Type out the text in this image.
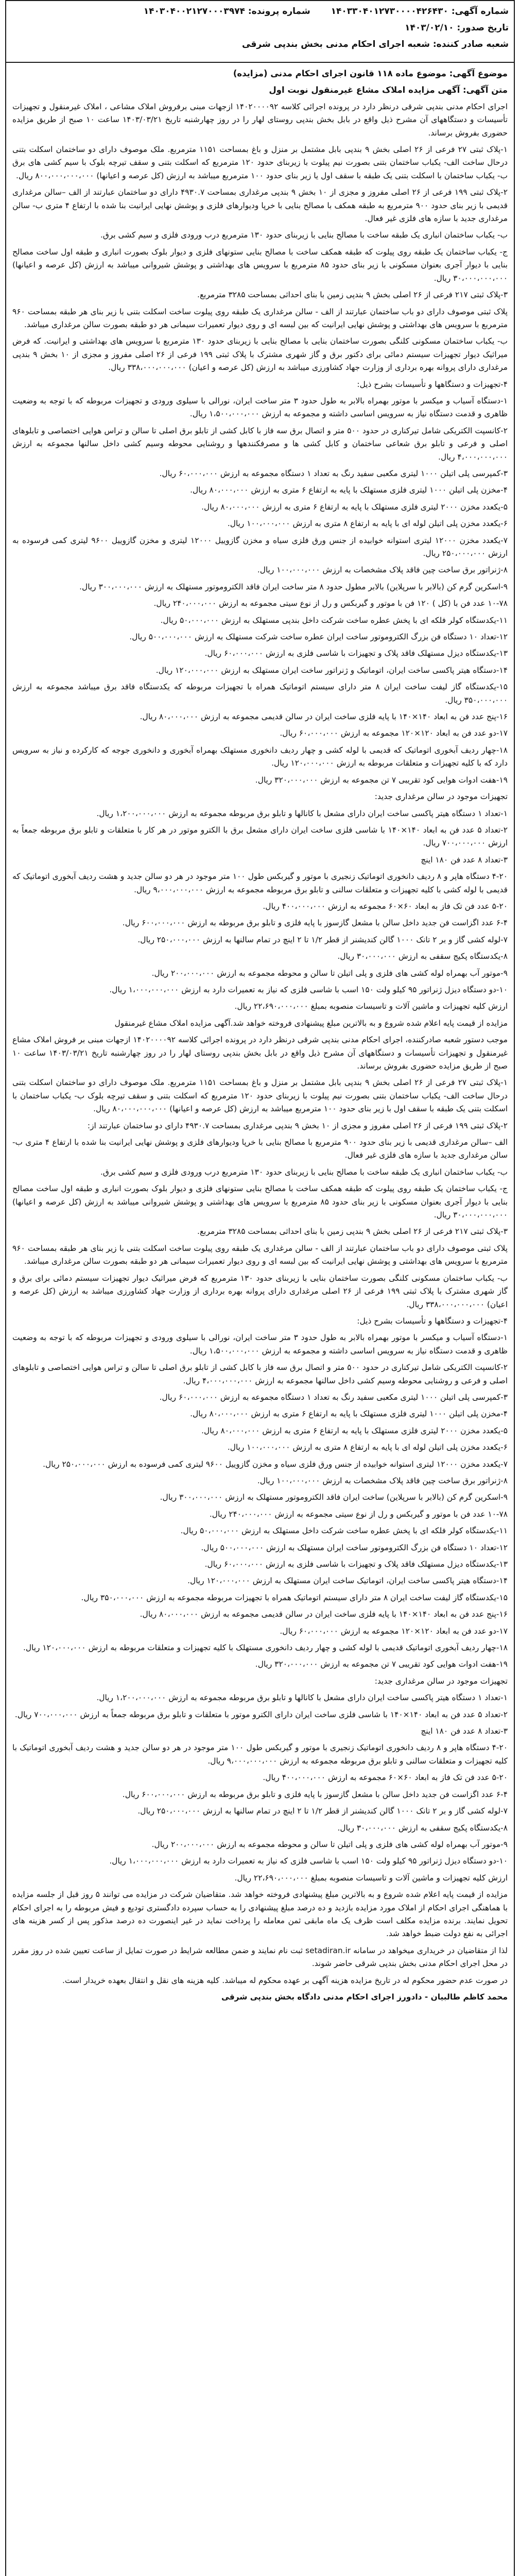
شماره آگهی: ۱۴۰۳۳۰۴۰۱۲۷۳۰۰۰۰۴۲۶۴۳۰ شماره پرونده: ۱۴۰۳۰۴۰۰۲۱۲۷۰۰۰۳۹۷۴
تاریخ صدور: ۱۴۰۳/۰۲/۱۰
شعبه صادر کننده: شعبه اجرای احکام مدنی بخش بندپی شرقی

موضوع آگهی: موضوع ماده ۱۱۸ قانون اجرای احکام مدنی (مزایده)

متن آگهی: آگهی مزایده املاک مشاع غیرمنقول نوبت اول

اجرای احکام مدنی بندپی شرقی درنظر دارد در پرونده اجرائی کلاسه ۱۴۰۲۰۰۰۰۹۲ ازجهات مبنی برفروش املاک مشاعی ، املاک غیرمنقول و تجهیزات تأسیسات و دستگاههای آن مشرح ذیل واقع در بابل بخش بندپی روستای لهار را در روز چهارشنبه تاریخ ۱۴۰۳/۰۳/۲۱ ساعت ۱۰ صبح از طریق مزایده حضوری بفروش برساند.

۱-پلاک ثبتی ۲۷ فرعی از ۲۶ اصلی بخش ۹ بندپی بابل مشتمل بر منزل و باغ بمساحت ۱۱۵۱ مترمربع. ملک موصوف دارای دو ساختمان اسکلت بتنی درحال ساخت الف- یکباب ساختمان بتنی بصورت نیم پیلوت با زیربنای حدود ۱۲۰ مترمربع که اسکلت بتنی و سقف تیرچه بلوک با سیم کشی های برق ب- یکباب ساختمان با اسکلت بتنی یک طبقه با سقف اول یا زیر بنای حدود ۱۰۰ مترمربع میباشد به ارزش (کل عرصه و اعیانها) ۸۰۰،۰۰۰،۰۰۰،۰۰۰ ریال.

۲-پلاک ثبتی ۱۹۹ فرعی از ۲۶ اصلی مفروز و مجزی از ۱۰ بخش ۹ بندپی مرغداری بمساحت ۴۹۳۰.۷ دارای دو ساختمان عبارتند از الف –سالن مرغداری قدیمی با زیر بنای حدود ۹۰۰ مترمربع به طبقه همکف با مصالح بنایی با خرپا ودیوارهای فلزی و پوشش نهایی ایرانیت بنا شده با ارتفاع ۴ متری ب- سالن مرغداری جدید با سازه های فلزی غیر فعال.

ب- یکباب ساختمان انباری یک طبقه ساخت با مصالح بنایی با زیربنای حدود ۱۳۰ مترمربع درب ورودی فلزی و سیم کشی برق.

ج- یکباب ساختمان یک طبقه روی پیلوت که طبقه همکف ساخت با مصالح بنایی ستونهای فلزی و دیوار بلوک بصورت انباری و طبقه اول ساخت مصالح بنایی با دیوار آجری بعنوان مسکونی با زیر بنای حدود ۸۵ مترمربع با سرویس های بهداشتی و پوشش شیروانی میباشد به ارزش (کل عرصه و اعیانها) ۳۰،۰۰۰،۰۰۰،۰۰۰ ریال.

۳-پلاک ثبتی ۲۱۷ فرعی از ۲۶ اصلی بخش ۹ بندپی زمین با بنای احداثی بمساحت ۳۲۸۵ مترمربع.

پلاک ثبتی موصوف دارای دو باب ساختمان عبارتند از الف - سالن مرغداری یک طبقه روی پیلوت ساخت اسکلت بتنی با زیر بنای هر طبقه بمساحت ۹۶۰ مترمربع با سرویس های بهداشتی و پوشش نهایی ایرانیت که بین لبسه ای و روی دیوار تعمیرات سیمانی هر دو طبقه بصورت سالن مرغداری میباشد.

ب- یکباب ساختمان مسکونی کلنگی بصورت ساختمان بنایی با مصالح بنایی با زیربنای حدود ۱۳۰ مترمربع با سرویس های بهداشتی و ایرانیت. که فرض میراثیک دیوار تجهیزات سیستم دمائی برای دکتور برق و گاز شهری مشترک با پلاک ثبتی ۱۹۹ فرعی از ۲۶ اصلی مفروز و مجزی از ۱۰ بخش ۹ بندپی مرغداری دارای پروانه بهره برداری از وزارت جهاد کشاورزی میباشد به ارزش (کل عرصه و اعیان) ۳۳۸،۰۰۰،۰۰۰،۰۰۰ ریال.

۴-تجهیزات و دستگاهها و تأسیسات بشرح ذیل:

۱-دستگاه آسیاب و میکسر با موتور بهمراه بالابر به طول حدود ۳ متر ساخت ایران، نورالی با سیلوی ورودی و تجهیزات مربوطه که با توجه به وضعیت ظاهری و قدمت دستگاه نیاز به سرویس اساسی داشته و مجموعه به ارزش ۱،۵۰۰،۰۰۰،۰۰۰ ریال.

۲-کانسپت الکتریکی شامل تیرکناری در حدود ۵۰۰ متر و اتصال برق سه فاز با کابل کشی از تابلو برق اصلی تا سالن و تراس هوایی اختصاصی و تابلوهای اصلی و فرعی و تابلو برق شعاعی ساختمان و کابل کشی ها و مصرفکنندهها و روشنایی محوطه وسیم کشی داخل سالنها مجموعه به ارزش ۴،۰۰۰،۰۰۰،۰۰۰ ریال.

۳-کمپرسی پلی اتیلن ۱۰۰۰ لیتری مکعبی سفید رنگ به تعداد ۱ دستگاه مجموعه به ارزش ۶۰،۰۰۰،۰۰۰ ریال.

۴-مخزن پلی اتیلن ۱۰۰۰ لیتری فلزی مستهلک با پایه به ارتفاع ۶ متری به ارزش ۸۰،۰۰۰،۰۰۰ ریال.

۵-یکعدد مخزن ۲۰۰۰ لیتری فلزی مستهلک با پایه به ارتفاع ۶ متری به ارزش ۸۰،۰۰۰،۰۰۰ ریال.

۶-یکعدد مخزن پلی اتیلن لوله ای با پایه به ارتفاع ۸ متری به ارزش ۱۰۰،۰۰۰،۰۰۰ ریال.

۷-یکعدد مخزن ۱۲۰۰۰ لیتری استوانه خوابیده از جنس ورق فلزی سیاه و مخزن گازوییل ۱۲۰۰۰ لیتری و مخزن گازوییل ۹۶۰۰ لیتری کمی فرسوده به ارزش ۲۵۰،۰۰۰،۰۰۰ ریال.

۸-ژنراتور برق ساخت چین فاقد پلاک مشخصات به ارزش ۱۰۰،۰۰۰،۰۰۰ ریال.

۹-اسکرین گرم کن (بالابر با سرپلاین) بالابر مطول حدود ۸ متر ساخت ایران فاقد الکتروموتور مستهلک به ارزش ۳۰۰،۰۰۰،۰۰۰ ریال.

۱۰-۷۸ عدد فن با (کل ) ۱۲۰ فن با موتور و گیربکس و رل از نوع سیتی مجموعه به ارزش ۲۴۰،۰۰۰،۰۰۰ ریال.

۱۱-یکدستگاه کولر فلکه ای با پخش عطره ساخت شرکت داخل بندپی مستهلک به ارزش ۵۰،۰۰۰،۰۰۰ ریال.

۱۲-تعداد ۱۰ دستگاه فن بزرگ الکتروموتور ساخت ایران عطره ساخت شرکت مستهلک به ارزش ۵۰۰،۰۰۰،۰۰۰ ریال.

۱۳-یکدستگاه دیزل مستهلک فاقد پلاک و تجهیزات با شاسی فلزی به ارزش ۶۰،۰۰۰،۰۰۰ ریال.

۱۴-دستگاه هیتر پاکسی ساخت ایران، اتوماتیک و ژنراتور ساخت ایران مستهلک به ارزش ۱۲۰،۰۰۰،۰۰۰ ریال.

۱۵-یکدستگاه گاز لیفت ساخت ایران ۸ متر دارای سیستم اتوماتیک همراه با تجهیزات مربوطه که یکدستگاه فاقد برق میباشد مجموعه به ارزش ۳۵۰،۰۰۰،۰۰۰ ریال.

۱۶-پنج عدد فن به ابعاد ۱۴۰×۱۴۰ با پایه فلزی ساخت ایران در سالن قدیمی مجموعه به ارزش ۸۰،۰۰۰،۰۰۰ ریال.

۱۷-دو عدد فن به ابعاد ۱۲۰×۱۲۰ مجموعه به ارزش ۶۰،۰۰۰،۰۰۰ ریال.

۱۸-چهار ردیف آبخوری اتوماتیک که قدیمی با لوله کشی و چهار ردیف دانخوری مستهلک بهمراه آبخوری و دانخوری جوجه که کارکرده و نیاز به سرویس دارد که با کلیه تجهیزات و متعلقات مربوطه به ارزش ۱۲۰،۰۰۰،۰۰۰ ریال.

۱۹-هفت ادوات هوایی کود تقریبی ۷ تن مجموعه به ارزش ۳۲۰،۰۰۰،۰۰۰ ریال.

تجهیزات موجود در سالن مرغداری جدید:

۱-تعداد ۱ دستگاه هیتر پاکسی ساخت ایران دارای مشعل با کانالها و تابلو برق مربوطه مجموعه به ارزش ۱،۲۰۰،۰۰۰،۰۰۰ ریال.

۲-تعداد ۵ عدد فن به ابعاد ۱۴۰×۱۴۰ با شاسی فلزی ساخت ایران دارای مشعل برق با الکترو موتور در هر کار با متعلقات و تابلو برق مربوطه جمعاً به ارزش ۷۰۰،۰۰۰،۰۰۰ ریال.

۳-تعداد ۸ عدد فن ۱۸۰ اینچ

۴-۲۰ دستگاه هاپر و ۸ ردیف دانخوری اتوماتیک زنجیری با موتور و گیربکس طول ۱۰۰ متر موجود در هر دو سالن جدید و هشت ردیف آبخوری اتوماتیک که قدیمی با لوله کشی با کلیه تجهیزات و متعلقات سالنی و تابلو برق مربوطه مجموعه به ارزش ۹،۰۰۰،۰۰۰،۰۰۰ ریال.

۵-۲۰ عدد فن تک فاز به ابعاد ۶۰×۶۰ مجموعه به ارزش ۴۰۰،۰۰۰،۰۰۰ ریال.

۶-۴ عدد اگزاست فن جدید داخل سالن با مشعل گازسوز با پایه فلزی و تابلو برق مربوطه به ارزش ۶۰۰،۰۰۰،۰۰۰ ریال.

۷-لوله کشی گاز و بر ۲ تانک ۱۰۰۰ گالن کندیشنر از قطر ۱/۲ تا ۲ اینچ در تمام سالنها به ارزش ۲۵۰،۰۰۰،۰۰۰ ریال.

۸-یکدستگاه پکیج سقفی به ارزش ۳۰،۰۰۰،۰۰۰ ریال.

۹-موتور آب بهمراه لوله کشی های فلزی و پلی اتیلن تا سالن و محوطه مجموعه به ارزش ۲۰۰،۰۰۰،۰۰۰ ریال.

۱۰-دو دستگاه دیزل ژنراتور ۹۵ کیلو ولت ۱۵۰ اسب با شاسی فلزی که نیاز به تعمیرات دارد به ارزش ۱،۰۰۰،۰۰۰،۰۰۰ ریال.

ارزش کلیه تجهیزات و ماشین آلات و تاسیسات منصوبه بمبلغ ۲۲،۶۹۰،۰۰۰،۰۰۰ ریال.

مزایده از قیمت پایه اعلام شده شروع و به بالاترین مبلغ پیشنهادی فروخته خواهد شد.آگهی مزایده املاک مشاع غیرمنقول

موجب دستور شعبه صادرکننده، اجرای احکام مدنی بندپی شرقی درنظر دارد در پرونده اجرائی کلاسه ۱۴۰۲۰۰۰۰۹۲ ازجهات مبنی بر فروش املاک مشاع غیرمنقول و تجهیزات تأسیسات و دستگاههای آن مشرح ذیل واقع در بابل بخش بندپی روستای لهار را در روز چهارشنبه تاریخ ۱۴۰۳/۰۳/۲۱ ساعت ۱۰ صبح از طریق مزایده حضوری بفروش برساند.

۱-پلاک ثبتی ۲۷ فرعی از ۲۶ اصلی بخش ۹ بندپی بابل مشتمل بر منزل و باغ بمساحت ۱۱۵۱ مترمربع. ملک موصوف دارای دو ساختمان اسکلت بتنی درحال ساخت الف- یکباب ساختمان بتنی بصورت نیم پیلوت با زیربنای حدود ۱۲۰ مترمربع که اسکلت بتنی و سقف تیرچه بلوک ب- یکباب ساختمان با اسکلت بتنی یک طبقه با سقف اول با زیر بنای حدود ۱۰۰ مترمربع میباشد به ارزش (کل عرصه و اعیانها) ۸۰،۰۰۰،۰۰۰،۰۰۰ ریال.

۲-پلاک ثبتی ۱۹۹ فرعی از ۲۶ اصلی مفروز و مجزی از ۱۰ بخش ۹ بندپی مرغداری بمساحت ۴۹۳۰.۷ دارای دو ساختمان عبارتند از:

الف –سالن مرغداری قدیمی با زیر بنای حدود ۹۰۰ مترمربع با مصالح بنایی با خرپا ودیوارهای فلزی و پوشش نهایی ایرانیت بنا شده با ارتفاع ۴ متری ب- سالن مرغداری جدید با سازه های فلزی غیر فعال.

ب- یکباب ساختمان انباری یک طبقه ساخت با مصالح بنایی با زیربنای حدود ۱۳۰ مترمربع درب ورودی فلزی و سیم کشی برق.

ج- یکباب ساختمان یک طبقه روی پیلوت که طبقه همکف ساخت با مصالح بنایی ستونهای فلزی و دیوار بلوک بصورت انباری و طبقه اول ساخت مصالح بنایی با دیوار آجری بعنوان مسکونی با زیر بنای حدود ۸۵ مترمربع با سرویس های بهداشتی و پوشش شیروانی میباشد به ارزش (کل عرصه و اعیانها) ۳۰،۰۰۰،۰۰۰،۰۰۰ ریال.

۳-پلاک ثبتی ۲۱۷ فرعی از ۲۶ اصلی بخش ۹ بندپی زمین با بنای احداثی بمساحت ۳۲۸۵ مترمربع.

پلاک ثبتی موصوف دارای دو باب ساختمان عبارتند از الف - سالن مرغداری یک طبقه روی پیلوت ساخت اسکلت بتنی با زیر بنای هر طبقه بمساحت ۹۶۰ مترمربع با سرویس های بهداشتی و پوشش نهایی ایرانیت که بین لبسه ای و روی دیوار تعمیرات سیمانی هر دو طبقه بصورت سالن مرغداری میباشد.

ب- یکباب ساختمان مسکونی کلنگی بصورت ساختمان بنایی با زیربنای حدود ۱۳۰ مترمربع که فرض میراثیک دیوار تجهیزات سیستم دمائی برای برق و گاز شهری مشترک با پلاک ثبتی ۱۹۹ فرعی از ۲۶ اصلی مرغداری دارای پروانه بهره برداری از وزارت جهاد کشاورزی میباشد به ارزش (کل عرصه و اعیان) ۳۳۸،۰۰۰،۰۰۰،۰۰۰ ریال.

۴-تجهیزات و دستگاهها و تأسیسات بشرح ذیل:

۱-دستگاه آسیاب و میکسر با موتور بهمراه بالابر به طول حدود ۳ متر ساخت ایران، نورالی با سیلوی ورودی و تجهیزات مربوطه که با توجه به وضعیت ظاهری و قدمت دستگاه نیاز به سرویس اساسی داشته و مجموعه به ارزش ۱،۵۰۰،۰۰۰،۰۰۰ ریال.

۲-کانسپت الکتریکی شامل تیرکناری در حدود ۵۰۰ متر و اتصال برق سه فاز با کابل کشی از تابلو برق اصلی تا سالن و تراس هوایی اختصاصی و تابلوهای اصلی و فرعی و روشنایی محوطه وسیم کشی داخل سالنها مجموعه به ارزش ۴،۰۰۰،۰۰۰،۰۰۰ ریال.

۳-کمپرسی پلی اتیلن ۱۰۰۰ لیتری مکعبی سفید رنگ به تعداد ۱ دستگاه مجموعه به ارزش ۶۰،۰۰۰،۰۰۰ ریال.

۴-مخزن پلی اتیلن ۱۰۰۰ لیتری فلزی مستهلک با پایه به ارتفاع ۶ متری به ارزش ۸۰،۰۰۰،۰۰۰ ریال.

۵-یکعدد مخزن ۲۰۰۰ لیتری فلزی مستهلک با پایه به ارتفاع ۶ متری به ارزش ۸۰،۰۰۰،۰۰۰ ریال.

۶-یکعدد مخزن پلی اتیلن لوله ای با پایه به ارتفاع ۸ متری به ارزش ۱۰۰،۰۰۰،۰۰۰ ریال.

۷-یکعدد مخزن ۱۲۰۰۰ لیتری استوانه خوابیده از جنس ورق فلزی سیاه و مخزن گازوییل ۹۶۰۰ لیتری کمی فرسوده به ارزش ۲۵۰،۰۰۰،۰۰۰ ریال.

۸-ژنراتور برق ساخت چین فاقد پلاک مشخصات به ارزش ۱۰۰،۰۰۰،۰۰۰ ریال.

۹-اسکرین گرم کن (بالابر با سرپلاین) ساخت ایران فاقد الکتروموتور مستهلک به ارزش ۳۰۰،۰۰۰،۰۰۰ ریال.

۱۰-۷۸ عدد فن با موتور و گیربکس و رل از نوع سیتی مجموعه به ارزش ۲۴۰،۰۰۰،۰۰۰ ریال.

۱۱-یکدستگاه کولر فلکه ای با پخش عطره ساخت شرکت داخل مستهلک به ارزش ۵۰،۰۰۰،۰۰۰ ریال.

۱۲-تعداد ۱۰ دستگاه فن بزرگ الکتروموتور ساخت ایران مستهلک به ارزش ۵۰۰،۰۰۰،۰۰۰ ریال.

۱۳-یکدستگاه دیزل مستهلک فاقد پلاک و تجهیزات با شاسی فلزی به ارزش ۶۰،۰۰۰،۰۰۰ ریال.

۱۴-دستگاه هیتر پاکسی ساخت ایران، اتوماتیک ساخت ایران مستهلک به ارزش ۱۲۰،۰۰۰،۰۰۰ ریال.

۱۵-یکدستگاه گاز لیفت ساخت ایران ۸ متر دارای سیستم اتوماتیک همراه با تجهیزات مربوطه مجموعه به ارزش ۳۵۰،۰۰۰،۰۰۰ ریال.

۱۶-پنج عدد فن به ابعاد ۱۴۰×۱۴۰ با پایه فلزی ساخت ایران در سالن قدیمی مجموعه به ارزش ۸۰،۰۰۰،۰۰۰ ریال.

۱۷-دو عدد فن به ابعاد ۱۲۰×۱۲۰ مجموعه به ارزش ۶۰،۰۰۰،۰۰۰ ریال.

۱۸-چهار ردیف آبخوری اتوماتیک قدیمی با لوله کشی و چهار ردیف دانخوری مستهلک با کلیه تجهیزات و متعلقات مربوطه به ارزش ۱۲۰،۰۰۰،۰۰۰ ریال.

۱۹-هفت ادوات هوایی کود تقریبی ۷ تن مجموعه به ارزش ۳۲۰،۰۰۰،۰۰۰ ریال.

تجهیزات موجود در سالن مرغداری جدید:

۱-تعداد ۱ دستگاه هیتر پاکسی ساخت ایران دارای مشعل با کانالها و تابلو برق مربوطه مجموعه به ارزش ۱،۲۰۰،۰۰۰،۰۰۰ ریال.

۲-تعداد ۵ عدد فن به ابعاد ۱۴۰×۱۴۰ با شاسی فلزی ساخت ایران دارای الکترو موتور با متعلقات و تابلو برق مربوطه جمعاً به ارزش ۷۰۰،۰۰۰،۰۰۰ ریال.

۳-تعداد ۸ عدد فن ۱۸۰ اینچ

۴-۲۰ دستگاه هاپر و ۸ ردیف دانخوری اتوماتیک زنجیری با موتور و گیربکس طول ۱۰۰ متر موجود در هر دو سالن جدید و هشت ردیف آبخوری اتوماتیک با کلیه تجهیزات و متعلقات سالنی و تابلو برق مربوطه مجموعه به ارزش ۹،۰۰۰،۰۰۰،۰۰۰ ریال.

۵-۲۰ عدد فن تک فاز به ابعاد ۶۰×۶۰ مجموعه به ارزش ۴۰۰،۰۰۰،۰۰۰ ریال.

۶-۴ عدد اگزاست فن جدید داخل سالن با مشعل گازسوز با پایه فلزی و تابلو برق مربوطه به ارزش ۶۰۰،۰۰۰،۰۰۰ ریال.

۷-لوله کشی گاز و بر ۲ تانک ۱۰۰۰ گالن کندیشنر از قطر ۱/۲ تا ۲ اینچ در تمام سالنها به ارزش ۲۵۰،۰۰۰،۰۰۰ ریال.

۸-یکدستگاه پکیج سقفی به ارزش ۳۰،۰۰۰،۰۰۰ ریال.

۹-موتور آب بهمراه لوله کشی های فلزی و پلی اتیلن تا سالن و محوطه مجموعه به ارزش ۲۰۰،۰۰۰،۰۰۰ ریال.

۱۰-دو دستگاه دیزل ژنراتور ۹۵ کیلو ولت ۱۵۰ اسب با شاسی فلزی که نیاز به تعمیرات دارد به ارزش ۱،۰۰۰،۰۰۰،۰۰۰ ریال.

ارزش کلیه تجهیزات و ماشین آلات و تاسیسات منصوبه بمبلغ ۲۲،۶۹۰،۰۰۰،۰۰۰ ریال.

مزایده از قیمت پایه اعلام شده شروع و به بالاترین مبلغ پیشنهادی فروخته خواهد شد. متقاضیان شرکت در مزایده می توانند ۵ روز قبل از جلسه مزایده با هماهنگی اجرای احکام از املاک مورد مزایده بازدید و ده درصد مبلغ پیشنهادی را به حساب سپرده دادگستری تودیع و فیش مربوطه را به اجرای احکام تحویل نمایند. برنده مزایده مکلف است ظرف یک ماه مابقی ثمن معامله را پرداخت نماید در غیر اینصورت ده درصد مذکور پس از کسر هزینه های اجرائی به نفع دولت ضبط خواهد شد.

لذا از متقاضیان در خریداری میخواهد در سامانه setadiran.ir ثبت نام نمایند و ضمن مطالعه شرایط در صورت تمایل از ساعت تعیین شده در روز مقرر در محل اجرای احکام مدنی بخش بندپی شرقی حاضر شوند.

در صورت عدم حضور محکوم له در تاریخ مزایده هزینه آگهی بر عهده محکوم له میباشد. کلیه هزینه های نقل و انتقال بعهده خریدار است.

محمد کاظم طالبیان - دادورز اجرای احکام مدنی دادگاه بخش بندپی شرقی
